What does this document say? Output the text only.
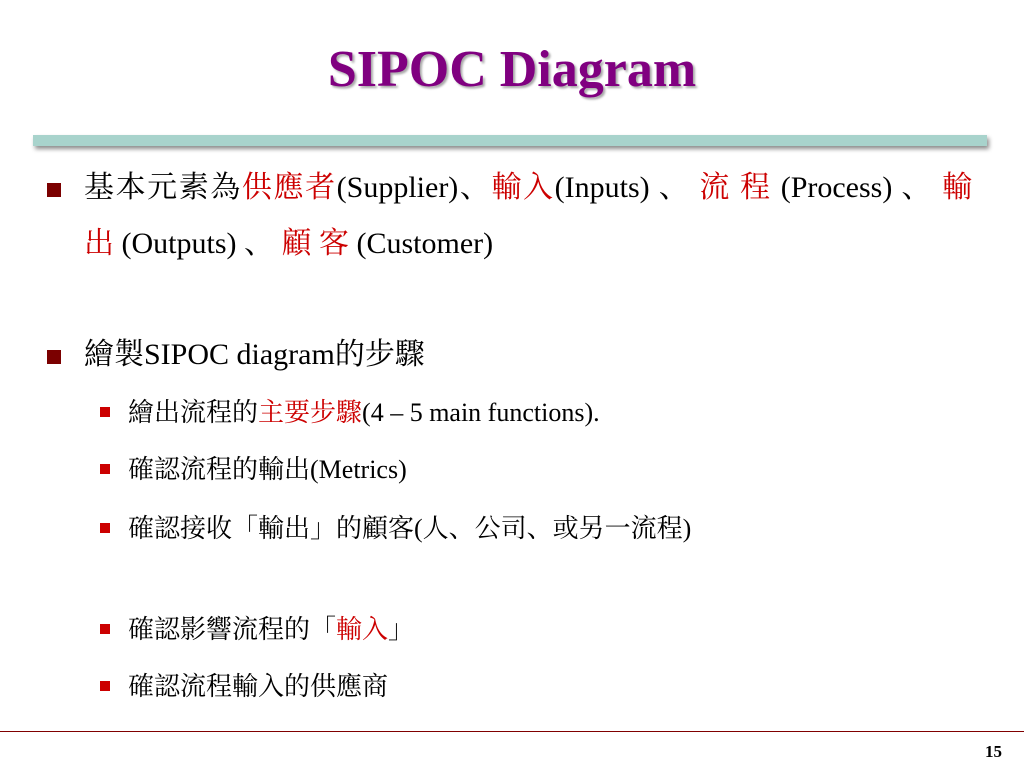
SIPOC Diagram
基本元素為供應者(Supplier)、輸入(Inputs) 、 流 程 (Process) 、 輸 出 (Outputs) 、 顧 客 (Customer)
繪製SIPOC diagram的步驟
繪出流程的主要步驟(4 – 5 main functions).
確認流程的輸出(Metrics)
確認接收「輸出」的顧客(人、公司、或另一流程)
確認影響流程的「輸入」
確認流程輸入的供應商
15
